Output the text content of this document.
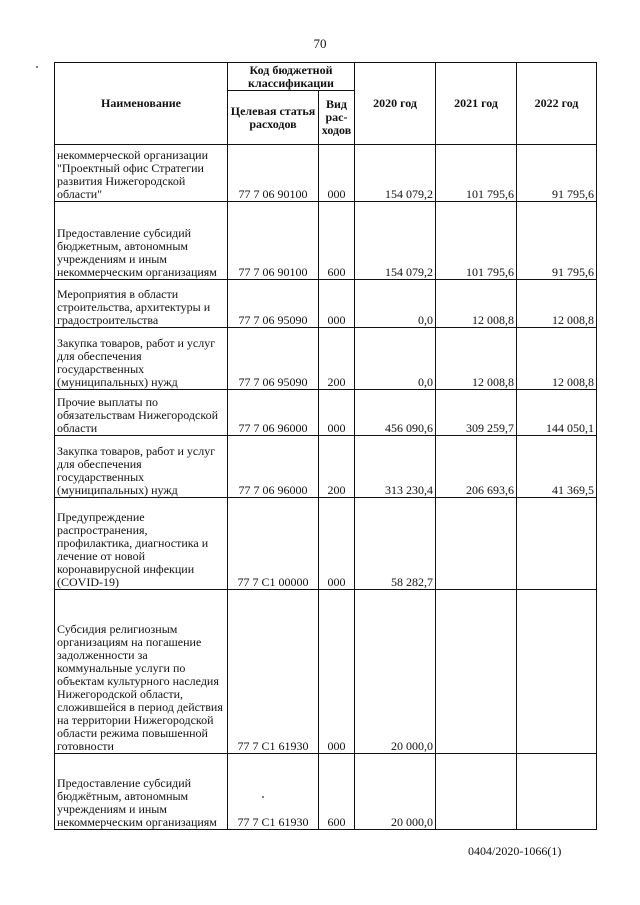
70
Наименование	Код бюджетной классификации		2020 год	2021 год	2022 год
	Целевая статья расходов	Вид рас-ходов			
некоммерческой организации "Проектный офис Стратегии развития Нижегородской области"	77 7 06 90100	000	154 079,2	101 795,6	91 795,6
Предоставление субсидий бюджетным, автономным учреждениям и иным некоммерческим организациям	77 7 06 90100	600	154 079,2	101 795,6	91 795,6
Мероприятия в области строительства, архитектуры и градостроительства	77 7 06 95090	000	0,0	12 008,8	12 008,8
Закупка товаров, работ и услуг для обеспечения государственных (муниципальных) нужд	77 7 06 95090	200	0,0	12 008,8	12 008,8
Прочие выплаты по обязательствам Нижегородской области	77 7 06 96000	000	456 090,6	309 259,7	144 050,1
Закупка товаров, работ и услуг для обеспечения государственных (муниципальных) нужд	77 7 06 96000	200	313 230,4	206 693,6	41 369,5
Предупреждение распространения, профилактика, диагностика и лечение от новой коронавирусной инфекции (COVID-19)	77 7 C1 00000	000	58 282,7		
Субсидия религиозным организациям на погашение задолженности за коммунальные услуги по объектам культурного наследия Нижегородской области, сложившейся в период действия на территории Нижегородской области режима повышенной готовности	77 7 C1 61930	000	20 000,0		
Предоставление субсидий бюджётным, автономным учреждениям и иным некоммерческим организациям	77 7 C1 61930	600	20 000,0		
0404/2020-1066(1)
